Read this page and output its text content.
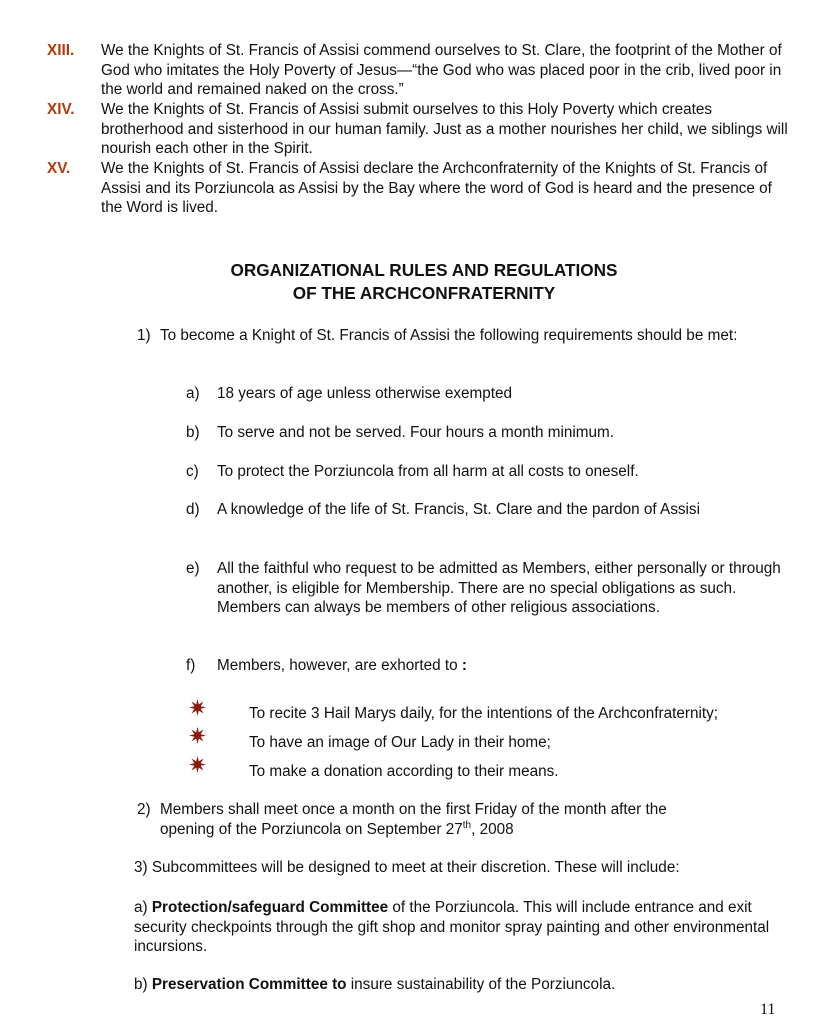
XIII. We the Knights of St. Francis of Assisi commend ourselves to St. Clare, the footprint of the Mother of God who imitates the Holy Poverty of Jesus—“the God who was placed poor in the crib, lived poor in the world and remained naked on the cross.”
XIV. We the Knights of St. Francis of Assisi submit ourselves to this Holy Poverty which creates brotherhood and sisterhood in our human family. Just as a mother nourishes her child, we siblings will nourish each other in the Spirit.
XV. We the Knights of St. Francis of Assisi declare the Archconfraternity of the Knights of St. Francis of Assisi and its Porziuncola as Assisi by the Bay where the word of God is heard and the presence of the Word is lived.
ORGANIZATIONAL RULES AND REGULATIONS
OF THE ARCHCONFRATERNITY
1) To become a Knight of St. Francis of Assisi the following requirements should be met:
a) 18 years of age unless otherwise exempted
b) To serve and not be served. Four hours a month minimum.
c) To protect the Porziuncola from all harm at all costs to oneself.
d) A knowledge of the life of St. Francis, St. Clare and the pardon of Assisi
e) All the faithful who request to be admitted as Members, either personally or through another, is eligible for Membership. There are no special obligations as such. Members can always be members of other religious associations.
f) Members, however, are exhorted to :
To recite 3 Hail Marys daily, for the intentions of the Archconfraternity;
To have an image of Our Lady in their home;
To make a donation according to their means.
2) Members shall meet once a month on the first Friday of the month after the
opening of the Porziuncola on September 27th, 2008
3) Subcommittees will be designed to meet at their discretion. These will include:
a) Protection/safeguard Committee of the Porziuncola. This will include entrance and exit security checkpoints through the gift shop and monitor spray painting and other environmental incursions.
b) Preservation Committee to insure sustainability of the Porziuncola.
11
